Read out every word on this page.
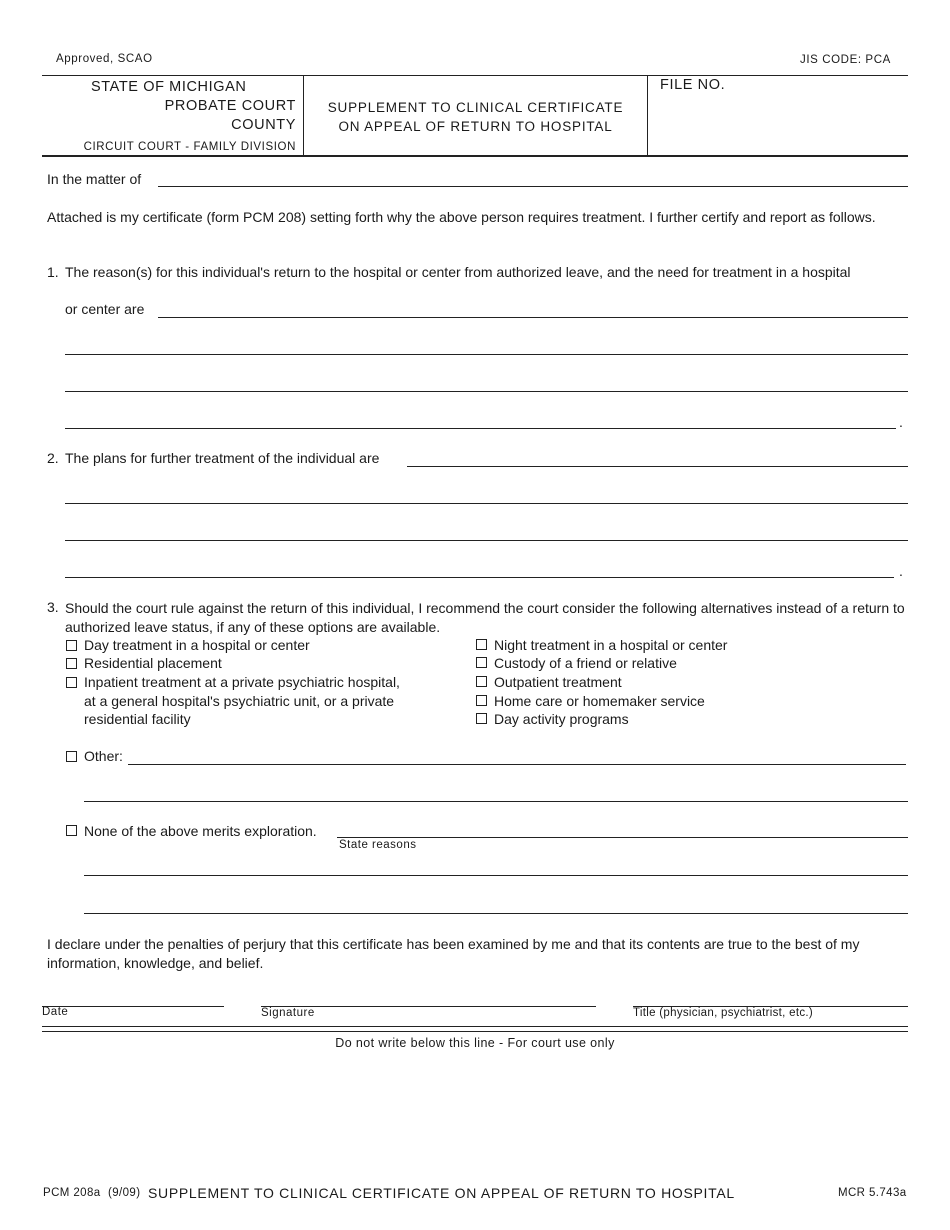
Approved, SCAO	JIS CODE: PCA
STATE OF MICHIGAN
PROBATE COURT
COUNTY
CIRCUIT COURT - FAMILY DIVISION
SUPPLEMENT TO CLINICAL CERTIFICATE
ON APPEAL OF RETURN TO HOSPITAL
FILE NO.
In the matter of
Attached is my certificate (form PCM 208) setting forth why the above person requires treatment. I further certify and report as follows.
1. The reason(s) for this individual's return to the hospital or center from authorized leave, and the need for treatment in a hospital
or center are
.
2. The plans for further treatment of the individual are
.
3. Should the court rule against the return of this individual, I recommend the court consider the following alternatives instead of a return to authorized leave status, if any of these options are available.
Day treatment in a hospital or center
Residential placement
Inpatient treatment at a private psychiatric hospital,
at a general hospital's psychiatric unit, or a private
residential facility
Night treatment in a hospital or center
Custody of a friend or relative
Outpatient treatment
Home care or homemaker service
Day activity programs
Other:
None of the above merits exploration.
State reasons
I declare under the penalties of perjury that this certificate has been examined by me and that its contents are true to the best of my information, knowledge, and belief.
Date	Signature	Title (physician, psychiatrist, etc.)
Do not write below this line - For court use only
PCM 208a (9/09) SUPPLEMENT TO CLINICAL CERTIFICATE ON APPEAL OF RETURN TO HOSPITAL	MCR 5.743a
